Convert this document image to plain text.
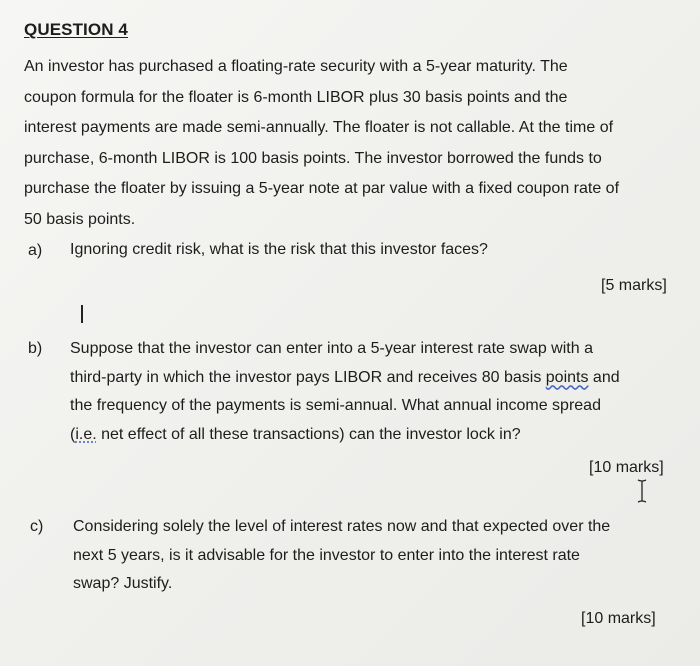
QUESTION 4
An investor has purchased a floating-rate security with a 5-year maturity. The
coupon formula for the floater is 6-month LIBOR plus 30 basis points and the
interest payments are made semi-annually. The floater is not callable. At the time of
purchase, 6-month LIBOR is 100 basis points. The investor borrowed the funds to
purchase the floater by issuing a 5-year note at par value with a fixed coupon rate of
50 basis points.
a) Ignoring credit risk, what is the risk that this investor faces?
[5 marks]
b) Suppose that the investor can enter into a 5-year interest rate swap with a
third-party in which the investor pays LIBOR and receives 80 basis points and
the frequency of the payments is semi-annual. What annual income spread
(i.e. net effect of all these transactions) can the investor lock in?
[10 marks]
c) Considering solely the level of interest rates now and that expected over the
next 5 years, is it advisable for the investor to enter into the interest rate
swap? Justify.
[10 marks]
